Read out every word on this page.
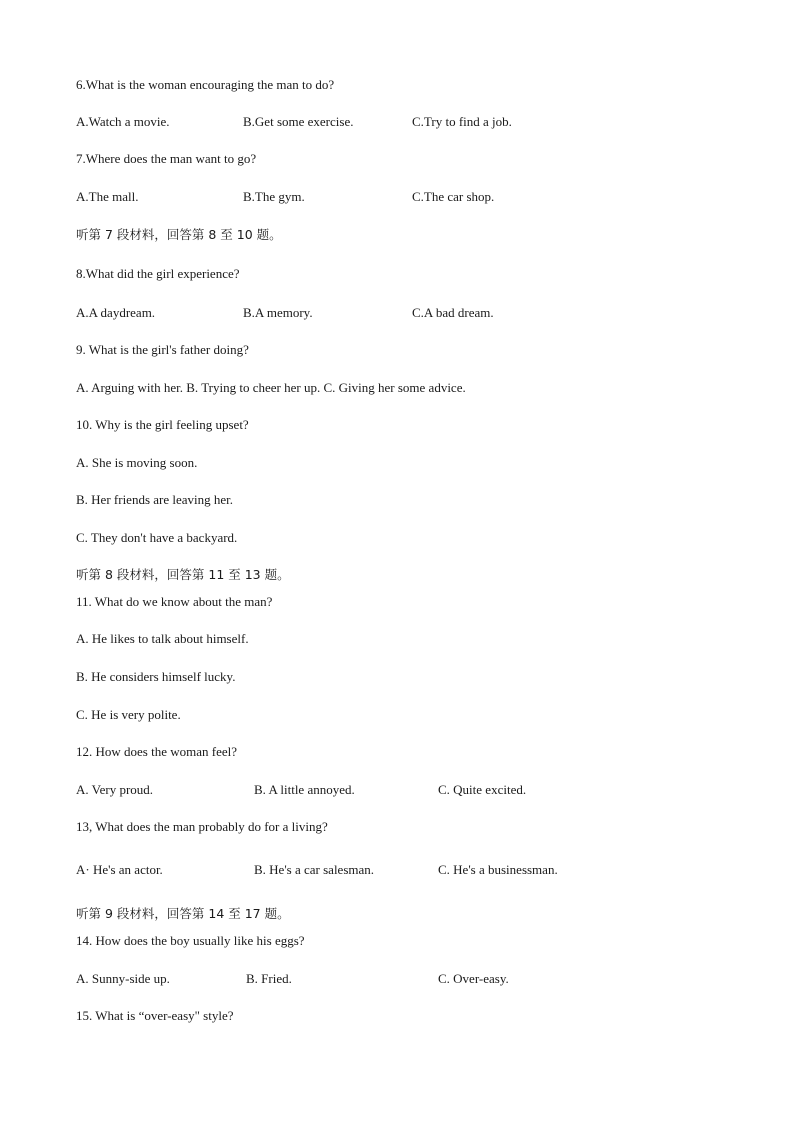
6.What is the woman encouraging the man to do?
A.Watch a movie.	B.Get some exercise.	C.Try to find a job.
7.Where does the man want to go?
A.The mall.	B.The gym.	C.The car shop.
听第 7 段材料，回答第 8 至 10 题。
8.What did the girl experience?
A.A daydream.	B.A memory.	C.A bad dream.
9. What is the girl's father doing?
A. Arguing with her. B. Trying to cheer her up. C. Giving her some advice.
10. Why is the girl feeling upset?
A. She is moving soon.
B. Her friends are leaving her.
C. They don't have a backyard.
听第 8 段材料，回答第 11 至 13 题。
11. What do we know about the man?
A. He likes to talk about himself.
B. He considers himself lucky.
C. He is very polite.
12. How does the woman feel?
A. Very proud.	B. A little annoyed.	C. Quite excited.
13, What does the man probably do for a living?
A· He's an actor.	B. He's a car salesman.	C. He's a businessman.
听第 9 段材料，回答第 14 至 17 题。
14. How does the boy usually like his eggs?
A. Sunny-side up.	B. Fried.	C. Over-easy.
15. What is “over-easy" style?
